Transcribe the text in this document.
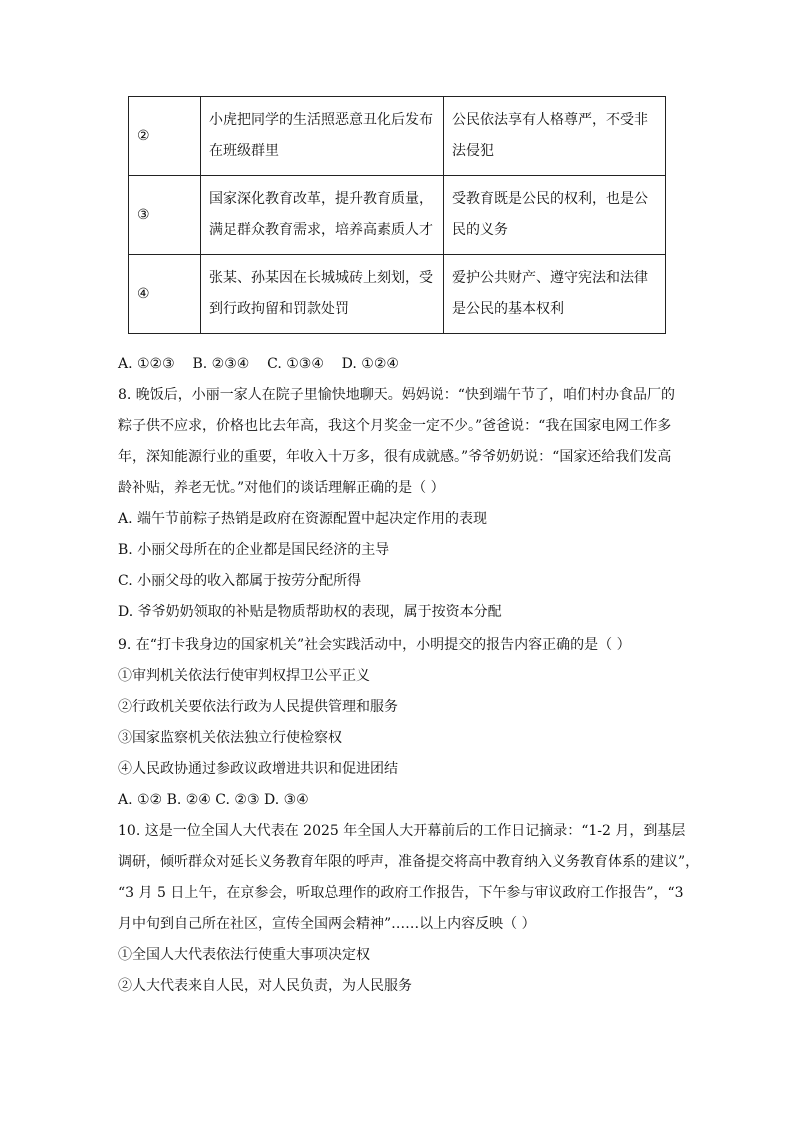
②	小虎把同学的生活照恶意丑化后发布在班级群里	公民依法享有人格尊严，不受非法侵犯
③	国家深化教育改革，提升教育质量，满足群众教育需求，培养高素质人才	受教育既是公民的权利，也是公民的义务
④	张某、孙某因在长城城砖上刻划，受到行政拘留和罚款处罚	爱护公共财产、遵守宪法和法律是公民的基本权利
A. ①②③    B. ②③④    C. ①③④    D. ①②④
8. 晚饭后，小丽一家人在院子里愉快地聊天。妈妈说：“快到端午节了，咱们村办食品厂的
粽子供不应求，价格也比去年高，我这个月奖金一定不少。”爸爸说：“我在国家电网工作多
年，深知能源行业的重要，年收入十万多，很有成就感。”爷爷奶奶说：“国家还给我们发高
龄补贴，养老无忧。”对他们的谈话理解正确的是（ ）
A. 端午节前粽子热销是政府在资源配置中起决定作用的表现
B. 小丽父母所在的企业都是国民经济的主导
C. 小丽父母的收入都属于按劳分配所得
D. 爷爷奶奶领取的补贴是物质帮助权的表现，属于按资本分配
9. 在“打卡我身边的国家机关”社会实践活动中，小明提交的报告内容正确的是（ ）
①审判机关依法行使审判权捍卫公平正义
②行政机关要依法行政为人民提供管理和服务
③国家监察机关依法独立行使检察权
④人民政协通过参政议政增进共识和促进团结
A. ①② B. ②④ C. ②③ D. ③④
10. 这是一位全国人大代表在 2025 年全国人大开幕前后的工作日记摘录：“1-2 月，到基层
调研，倾听群众对延长义务教育年限的呼声，准备提交将高中教育纳入义务教育体系的建议”，
“3 月 5 日上午，在京参会，听取总理作的政府工作报告，下午参与审议政府工作报告”，“3
月中旬到自己所在社区，宣传全国两会精神”……以上内容反映（ ）
①全国人大代表依法行使重大事项决定权
②人大代表来自人民，对人民负责，为人民服务
